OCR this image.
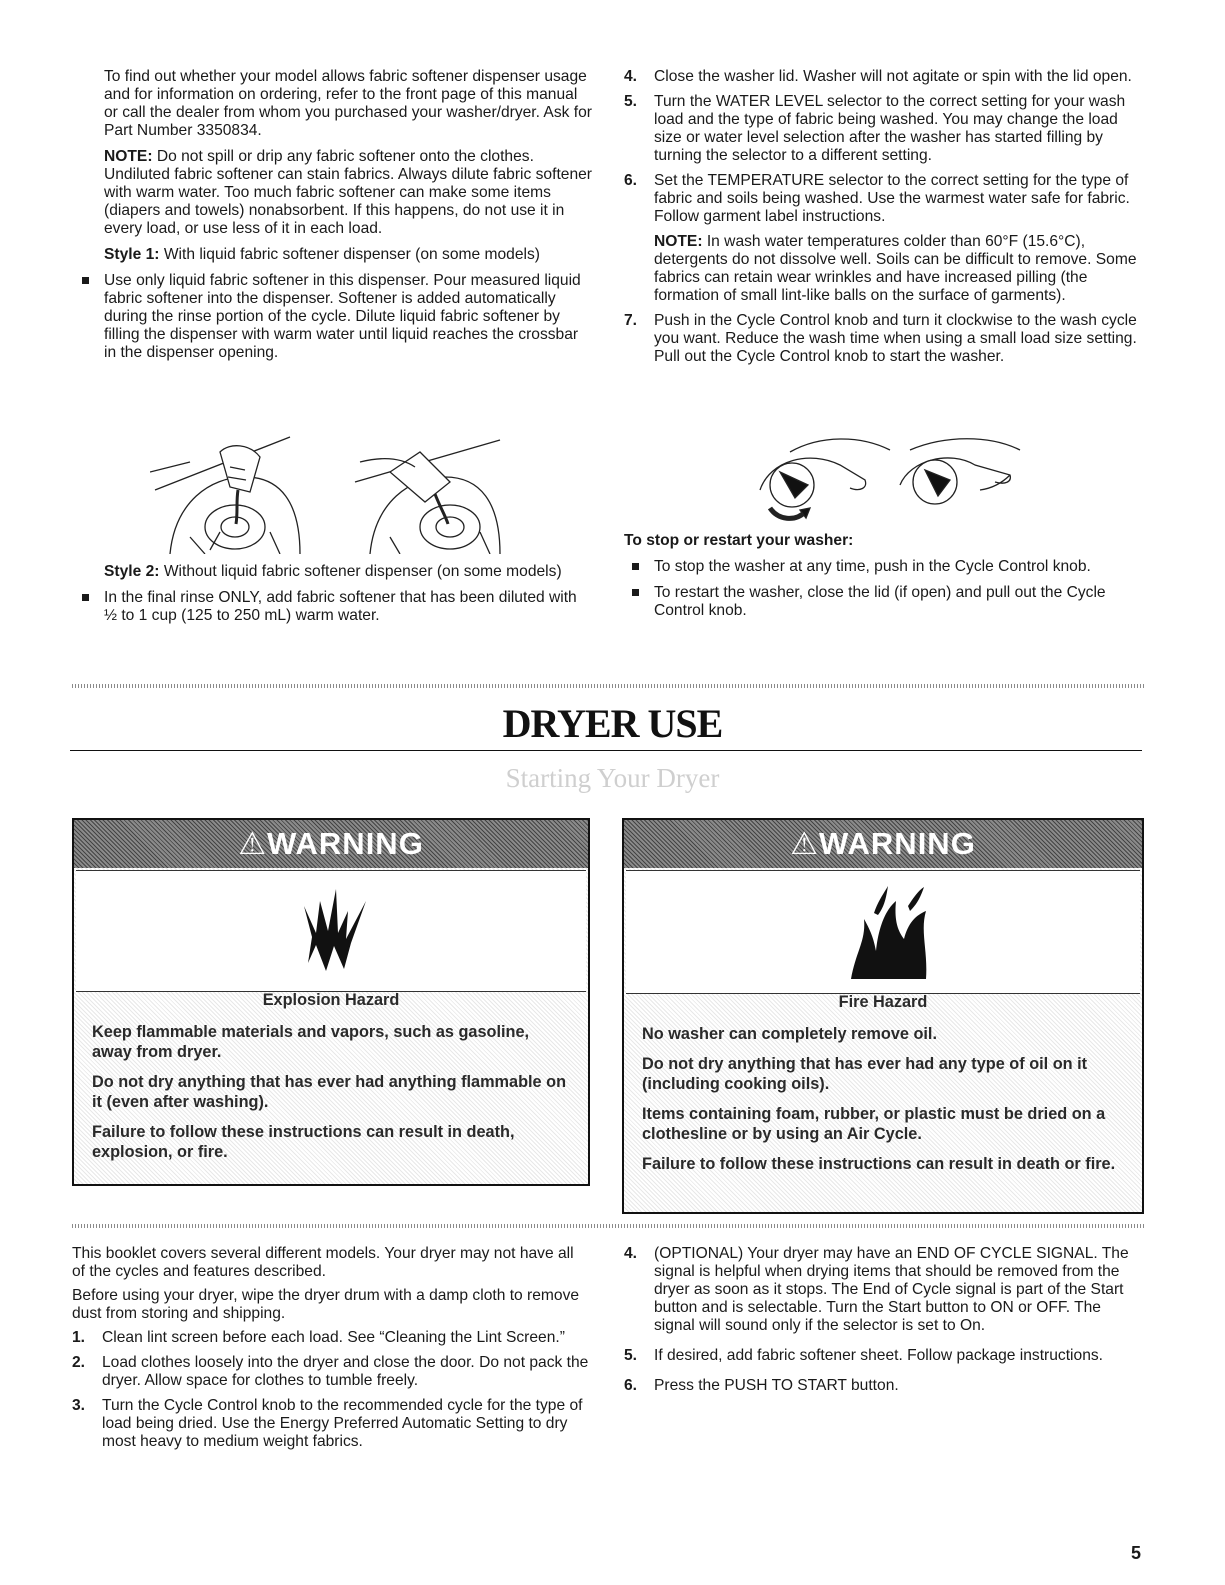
To find out whether your model allows fabric softener dispenser usage and for information on ordering, refer to the front page of this manual or call the dealer from whom you purchased your washer/dryer. Ask for Part Number 3350834.

NOTE: Do not spill or drip any fabric softener onto the clothes. Undiluted fabric softener can stain fabrics. Always dilute fabric softener with warm water. Too much fabric softener can make some items (diapers and towels) nonabsorbent. If this happens, do not use it in every load, or use less of it in each load.

Style 1: With liquid fabric softener dispenser (on some models)

Use only liquid fabric softener in this dispenser. Pour measured liquid fabric softener into the dispenser. Softener is added automatically during the rinse portion of the cycle. Dilute liquid fabric softener by filling the dispenser with warm water until liquid reaches the crossbar in the dispenser opening.

Style 2: Without liquid fabric softener dispenser (on some models)

In the final rinse ONLY, add fabric softener that has been diluted with ½ to 1 cup (125 to 250 mL) warm water.
4. Close the washer lid. Washer will not agitate or spin with the lid open.
5. Turn the WATER LEVEL selector to the correct setting for your wash load and the type of fabric being washed. You may change the load size or water level selection after the washer has started filling by turning the selector to a different setting.
6. Set the TEMPERATURE selector to the correct setting for the type of fabric and soils being washed. Use the warmest water safe for fabric. Follow garment label instructions.
NOTE: In wash water temperatures colder than 60°F (15.6°C), detergents do not dissolve well. Soils can be difficult to remove. Some fabrics can retain wear wrinkles and have increased pilling (the formation of small lint-like balls on the surface of garments).
7. Push in the Cycle Control knob and turn it clockwise to the wash cycle you want. Reduce the wash time when using a small load size setting. Pull out the Cycle Control knob to start the washer.

To stop or restart your washer:

To stop the washer at any time, push in the Cycle Control knob.
To restart the washer, close the lid (if open) and pull out the Cycle Control knob.
DRYER USE
Starting Your Dryer
⚠WARNING

Explosion Hazard

Keep flammable materials and vapors, such as gasoline, away from dryer.

Do not dry anything that has ever had anything flammable on it (even after washing).

Failure to follow these instructions can result in death, explosion, or fire.

⚠WARNING

Fire Hazard

No washer can completely remove oil.

Do not dry anything that has ever had any type of oil on it (including cooking oils).

Items containing foam, rubber, or plastic must be dried on a clothesline or by using an Air Cycle.

Failure to follow these instructions can result in death or fire.

This booklet covers several different models. Your dryer may not have all of the cycles and features described.

Before using your dryer, wipe the dryer drum with a damp cloth to remove dust from storing and shipping.

1. Clean lint screen before each load. See “Cleaning the Lint Screen.”
2. Load clothes loosely into the dryer and close the door. Do not pack the dryer. Allow space for clothes to tumble freely.
3. Turn the Cycle Control knob to the recommended cycle for the type of load being dried. Use the Energy Preferred Automatic Setting to dry most heavy to medium weight fabrics.
4. (OPTIONAL) Your dryer may have an END OF CYCLE SIGNAL. The signal is helpful when drying items that should be removed from the dryer as soon as it stops. The End of Cycle signal is part of the Start button and is selectable. Turn the Start button to ON or OFF. The signal will sound only if the selector is set to On.
5. If desired, add fabric softener sheet. Follow package instructions.
6. Press the PUSH TO START button.
5
